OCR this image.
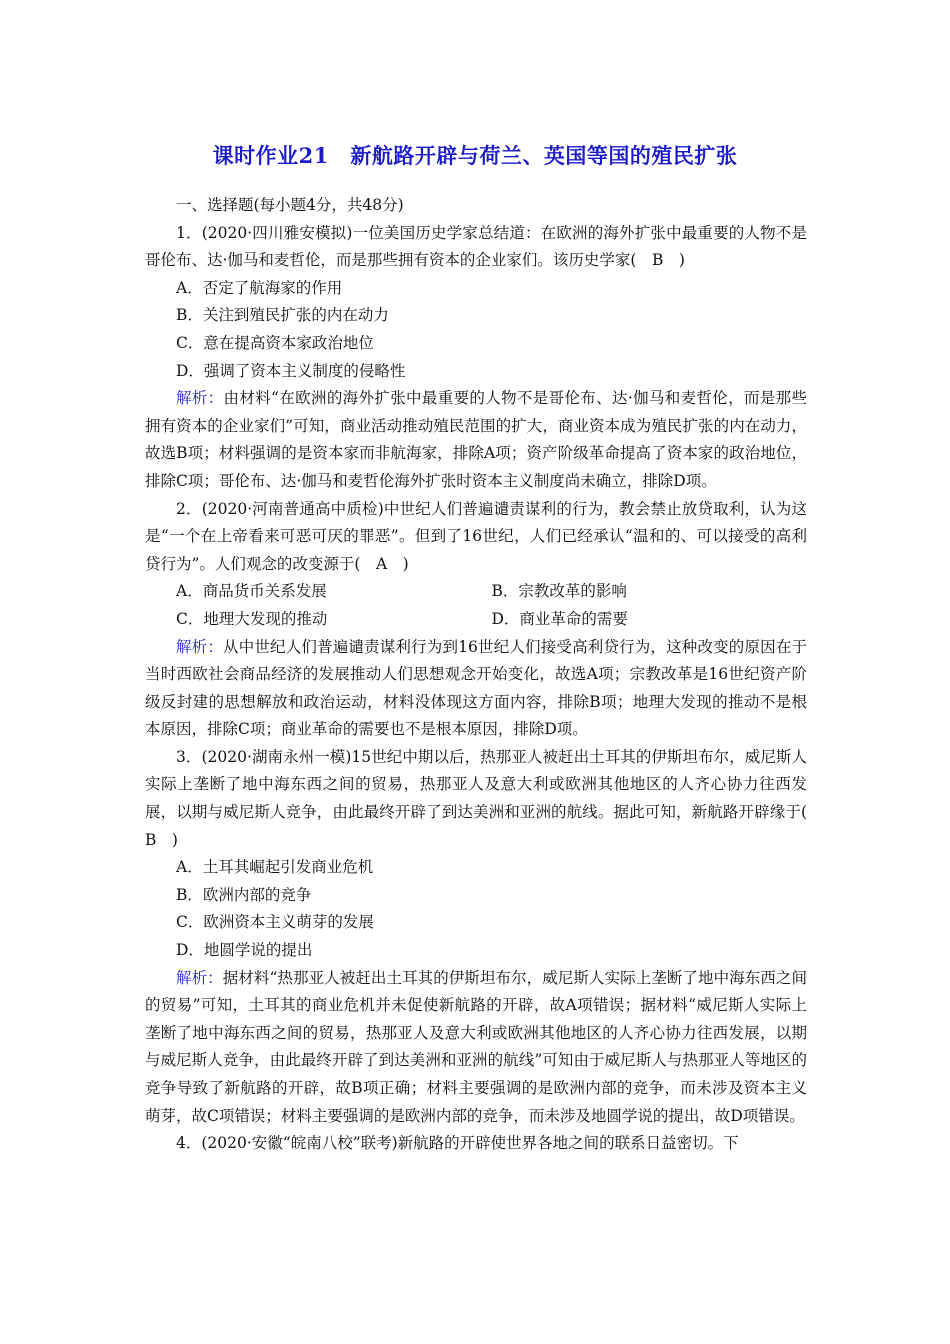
课时作业21　新航路开辟与荷兰、英国等国的殖民扩张

一、选择题(每小题4分，共48分)

1．(2020·四川雅安模拟)一位美国历史学家总结道：在欧洲的海外扩张中最重要的人物不是哥伦布、达·伽马和麦哲伦，而是那些拥有资本的企业家们。该历史学家(　B　)

A．否定了航海家的作用

B．关注到殖民扩张的内在动力

C．意在提高资本家政治地位

D．强调了资本主义制度的侵略性

解析：由材料“在欧洲的海外扩张中最重要的人物不是哥伦布、达·伽马和麦哲伦，而是那些拥有资本的企业家们”可知，商业活动推动殖民范围的扩大，商业资本成为殖民扩张的内在动力，故选B项；材料强调的是资本家而非航海家，排除A项；资产阶级革命提高了资本家的政治地位，排除C项；哥伦布、达·伽马和麦哲伦海外扩张时资本主义制度尚未确立，排除D项。

2．(2020·河南普通高中质检)中世纪人们普遍谴责谋利的行为，教会禁止放贷取利，认为这是“一个在上帝看来可恶可厌的罪恶”。但到了16世纪，人们已经承认“温和的、可以接受的高利贷行为”。人们观念的改变源于(　A　)

A．商品货币关系发展	B．宗教改革的影响
C．地理大发现的推动	D．商业革命的需要

解析：从中世纪人们普遍谴责谋利行为到16世纪人们接受高利贷行为，这种改变的原因在于当时西欧社会商品经济的发展推动人们思想观念开始变化，故选A项；宗教改革是16世纪资产阶级反封建的思想解放和政治运动，材料没体现这方面内容，排除B项；地理大发现的推动不是根本原因，排除C项；商业革命的需要也不是根本原因，排除D项。

3．(2020·湖南永州一模)15世纪中期以后，热那亚人被赶出土耳其的伊斯坦布尔，威尼斯人实际上垄断了地中海东西之间的贸易，热那亚人及意大利或欧洲其他地区的人齐心协力往西发展，以期与威尼斯人竞争，由此最终开辟了到达美洲和亚洲的航线。据此可知，新航路开辟缘于(　B　)

A．土耳其崛起引发商业危机

B．欧洲内部的竞争

C．欧洲资本主义萌芽的发展

D．地圆学说的提出

解析：据材料“热那亚人被赶出土耳其的伊斯坦布尔，威尼斯人实际上垄断了地中海东西之间的贸易”可知，土耳其的商业危机并未促使新航路的开辟，故A项错误；据材料“威尼斯人实际上垄断了地中海东西之间的贸易，热那亚人及意大利或欧洲其他地区的人齐心协力往西发展，以期与威尼斯人竞争，由此最终开辟了到达美洲和亚洲的航线”可知由于威尼斯人与热那亚人等地区的竞争导致了新航路的开辟，故B项正确；材料主要强调的是欧洲内部的竞争，而未涉及资本主义萌芽，故C项错误；材料主要强调的是欧洲内部的竞争，而未涉及地圆学说的提出，故D项错误。

4．(2020·安徽“皖南八校”联考)新航路的开辟使世界各地之间的联系日益密切。下
